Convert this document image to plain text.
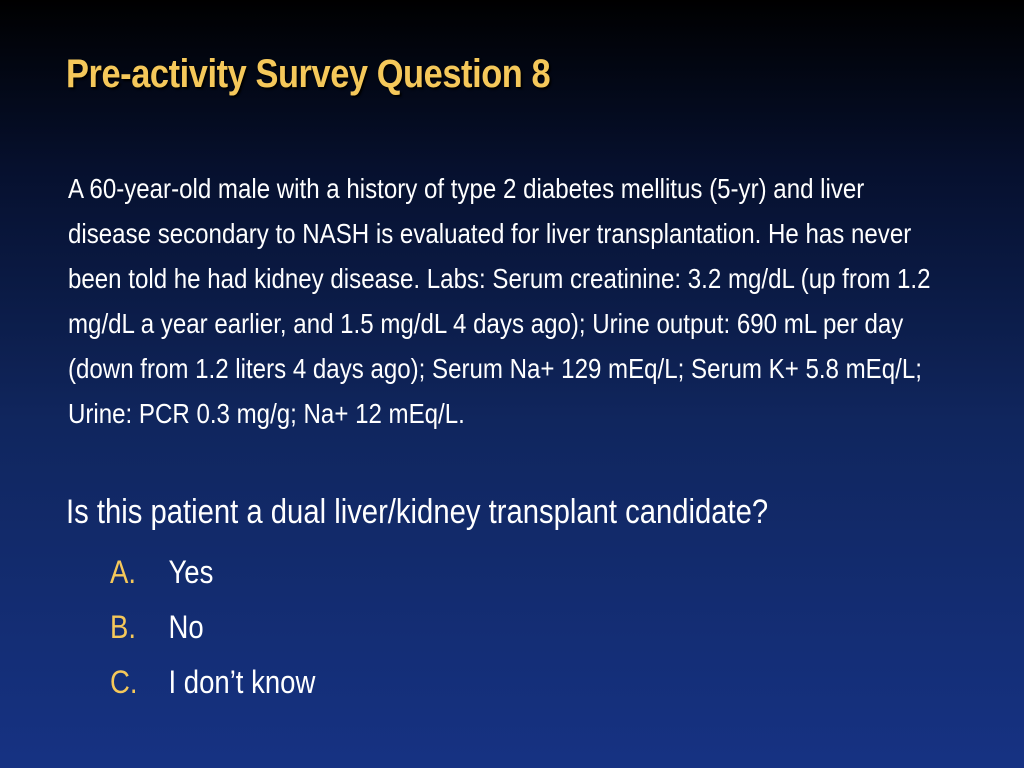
Pre-activity Survey Question 8

A 60-year-old male with a history of type 2 diabetes mellitus (5-yr) and liver disease secondary to NASH is evaluated for liver transplantation. He has never been told he had kidney disease. Labs: Serum creatinine: 3.2 mg/dL (up from 1.2 mg/dL a year earlier, and 1.5 mg/dL 4 days ago); Urine output: 690 mL per day (down from 1.2 liters 4 days ago); Serum Na+ 129 mEq/L; Serum K+ 5.8 mEq/L; Urine: PCR 0.3 mg/g; Na+ 12 mEq/L.

Is this patient a dual liver/kidney transplant candidate?

A.	Yes
B.	No
C. I don’t know
